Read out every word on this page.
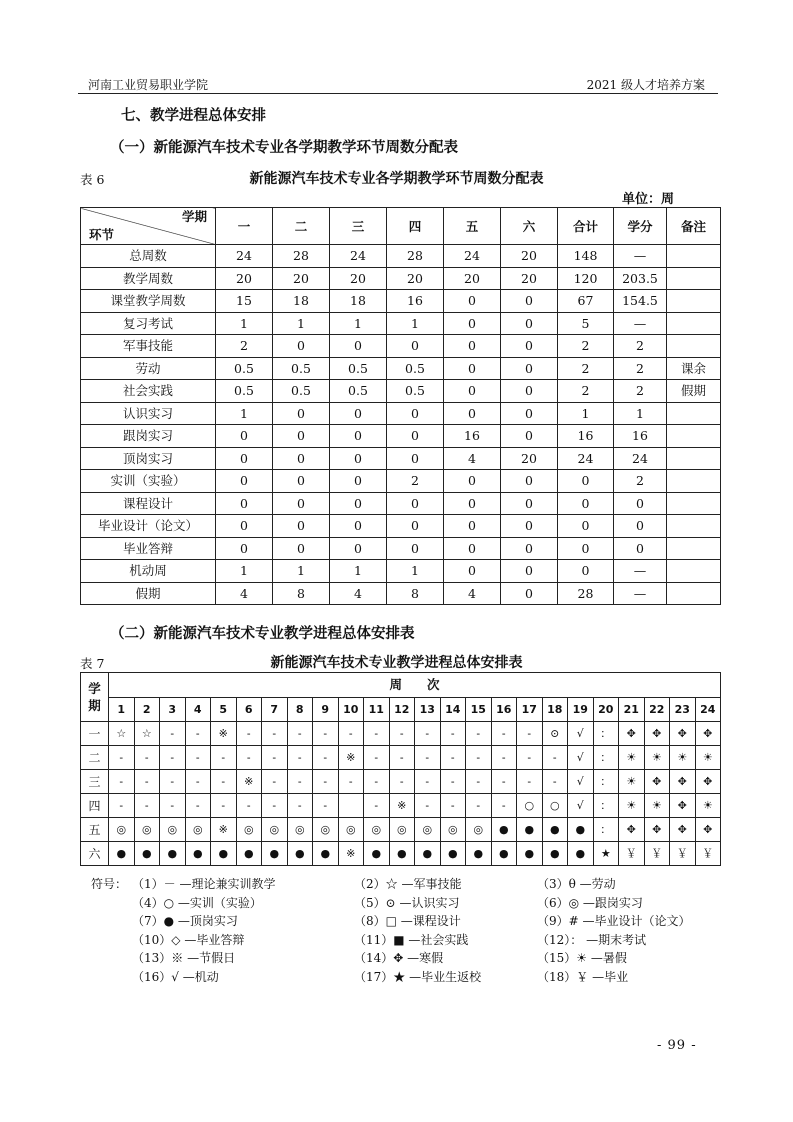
河南工业贸易职业学院	2021 级人才培养方案
七、教学进程总体安排
（一）新能源汽车技术专业各学期教学环节周数分配表
表 6	新能源汽车技术专业各学期教学环节周数分配表
单位：周
学期
环节	一	二	三	四	五	六	合计	学分	备注
总周数	24	28	24	28	24	20	148	—	
教学周数	20	20	20	20	20	20	120	203.5	
课堂教学周数	15	18	18	16	0	0	67	154.5	
复习考试	1	1	1	1	0	0	5	—	
军事技能	2	0	0	0	0	0	2	2	
劳动	0.5	0.5	0.5	0.5	0	0	2	2	课余
社会实践	0.5	0.5	0.5	0.5	0	0	2	2	假期
认识实习	1	0	0	0	0	0	1	1	
跟岗实习	0	0	0	0	16	0	16	16	
顶岗实习	0	0	0	0	4	20	24	24	
实训（实验）	0	0	0	2	0	0	0	2	
课程设计	0	0	0	0	0	0	0	0	
毕业设计（论文）	0	0	0	0	0	0	0	0	
毕业答辩	0	0	0	0	0	0	0	0	
机动周	1	1	1	1	0	0	0	—	
假期	4	8	4	8	4	0	28	—	
（二）新能源汽车技术专业教学进程总体安排表
表 7	新能源汽车技术专业教学进程总体安排表
学
期	周　　次																							
	1	2	3	4	5	6	7	8	9	10	11	12	13	14	15	16	17	18	19	20	21	22	23	24
一	☆	☆	-	-	※	-	-	-	-	-	-	-	-	-	-	-	-	⊙	√	：	✥	✥	✥	✥
二	-	-	-	-	-	-	-	-	-	※	-	-	-	-	-	-	-	-	√	：	☀	☀	☀	☀
三	-	-	-	-	-	※	-	-	-	-	-	-	-	-	-	-	-	-	√	：	☀	✥	✥	✥
四	-	-	-	-	-	-	-	-	-		-	※	-	-	-	-	○	○	√	：	☀	☀	✥	☀
五	◎	◎	◎	◎	※	◎	◎	◎	◎	◎	◎	◎	◎	◎	◎	●	●	●	●	：	✥	✥	✥	✥
六	●	●	●	●	●	●	●	●	●	※	●	●	●	●	●	●	●	●	●	★	￥	￥	￥	￥
符号： （1）－ —理论兼实训教学	（2）☆ —军事技能	（3）θ —劳动
（4）○ —实训（实验）	（5）⊙ —认识实习	（6）◎ —跟岗实习
（7）● —顶岗实习	（8）□ —课程设计	（9）# —毕业设计（论文）
（10）◇ —毕业答辩	（11）■ —社会实践	（12）： —期末考试
（13）※ —节假日	（14）✥ —寒假	（15）☀ —暑假
（16）√ —机动	（17）★ —毕业生返校	（18）￥ —毕业
- 99 -
